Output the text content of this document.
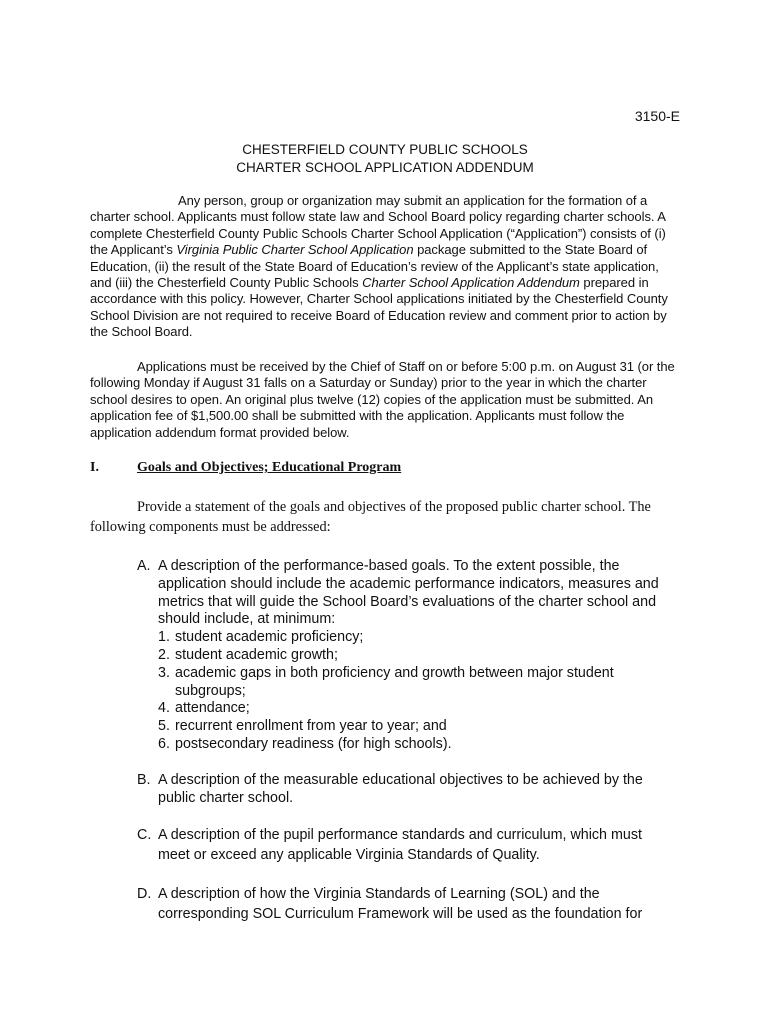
3150-E
CHESTERFIELD COUNTY PUBLIC SCHOOLS
CHARTER SCHOOL APPLICATION ADDENDUM
Any person, group or organization may submit an application for the formation of a charter school. Applicants must follow state law and School Board policy regarding charter schools. A complete Chesterfield County Public Schools Charter School Application (“Application”) consists of (i) the Applicant’s Virginia Public Charter School Application package submitted to the State Board of Education, (ii) the result of the State Board of Education’s review of the Applicant’s state application, and (iii) the Chesterfield County Public Schools Charter School Application Addendum prepared in accordance with this policy. However, Charter School applications initiated by the Chesterfield County School Division are not required to receive Board of Education review and comment prior to action by the School Board.
Applications must be received by the Chief of Staff on or before 5:00 p.m. on August 31 (or the following Monday if August 31 falls on a Saturday or Sunday) prior to the year in which the charter school desires to open. An original plus twelve (12) copies of the application must be submitted. An application fee of $1,500.00 shall be submitted with the application. Applicants must follow the application addendum format provided below.
I.	Goals and Objectives; Educational Program
Provide a statement of the goals and objectives of the proposed public charter school. The following components must be addressed:
A. A description of the performance-based goals. To the extent possible, the application should include the academic performance indicators, measures and metrics that will guide the School Board’s evaluations of the charter school and should include, at minimum:
1. student academic proficiency;
2. student academic growth;
3. academic gaps in both proficiency and growth between major student subgroups;
4. attendance;
5. recurrent enrollment from year to year; and
6. postsecondary readiness (for high schools).
B. A description of the measurable educational objectives to be achieved by the public charter school.
C. A description of the pupil performance standards and curriculum, which must meet or exceed any applicable Virginia Standards of Quality.
D. A description of how the Virginia Standards of Learning (SOL) and the corresponding SOL Curriculum Framework will be used as the foundation for
